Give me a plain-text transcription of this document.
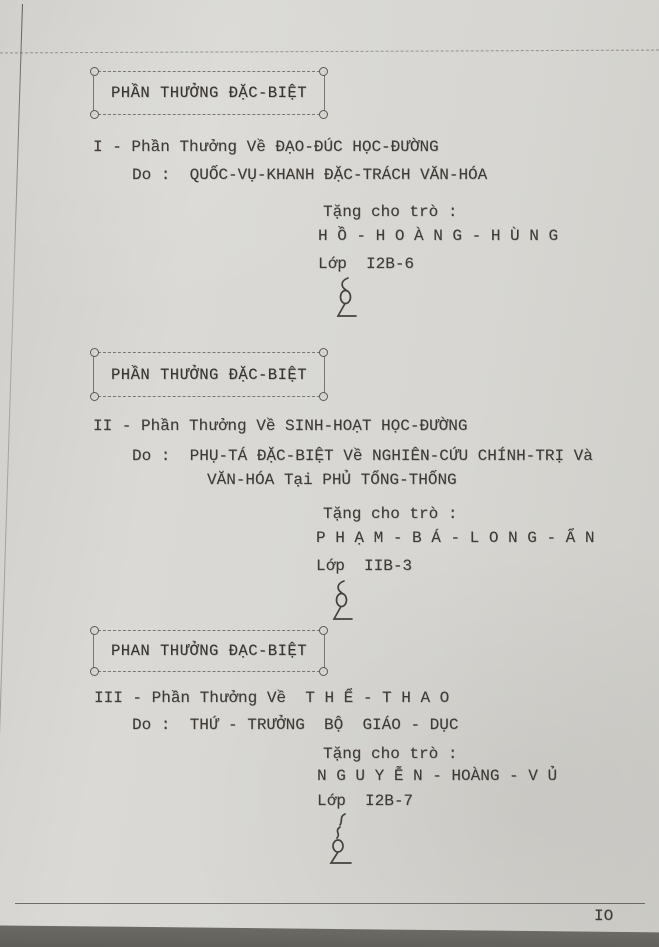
PHẦN THƯỞNG ĐẶC-BIỆT
I - Phần Thưởng Về ĐẠO-ĐÚC HỌC-ĐƯỜNG
Do :  QUỐC-VỤ-KHANH ĐẶC-TRÁCH VĂN-HÓA
Tặng cho trò :
H Ồ - H O À N G - H Ù N G
Lớp  I2B-6
PHẦN THƯỞNG ĐẶC-BIỆT
II - Phần Thưởng Về SINH-HOẠT HỌC-ĐƯỜNG
Do :  PHỤ-TÁ ĐẶC-BIỆT Về NGHIÊN-CỨU CHÍNH-TRỊ Và
VĂN-HÓA Tại PHỦ TỔNG-THỐNG
Tặng cho trò :
P H Ạ M - B Á - L O N G - Ẩ N
Lớp  IIB-3
PHAN THƯỞNG ĐẠC-BIỆT
III - Phần Thưởng Về  T H Ể - T H A O
Do :  THỨ - TRƯỞNG  BỘ  GIÁO - DỤC
Tặng cho trò :
N G U Y Ễ N - HOÀNG - V Ủ
Lớp  I2B-7
IO
